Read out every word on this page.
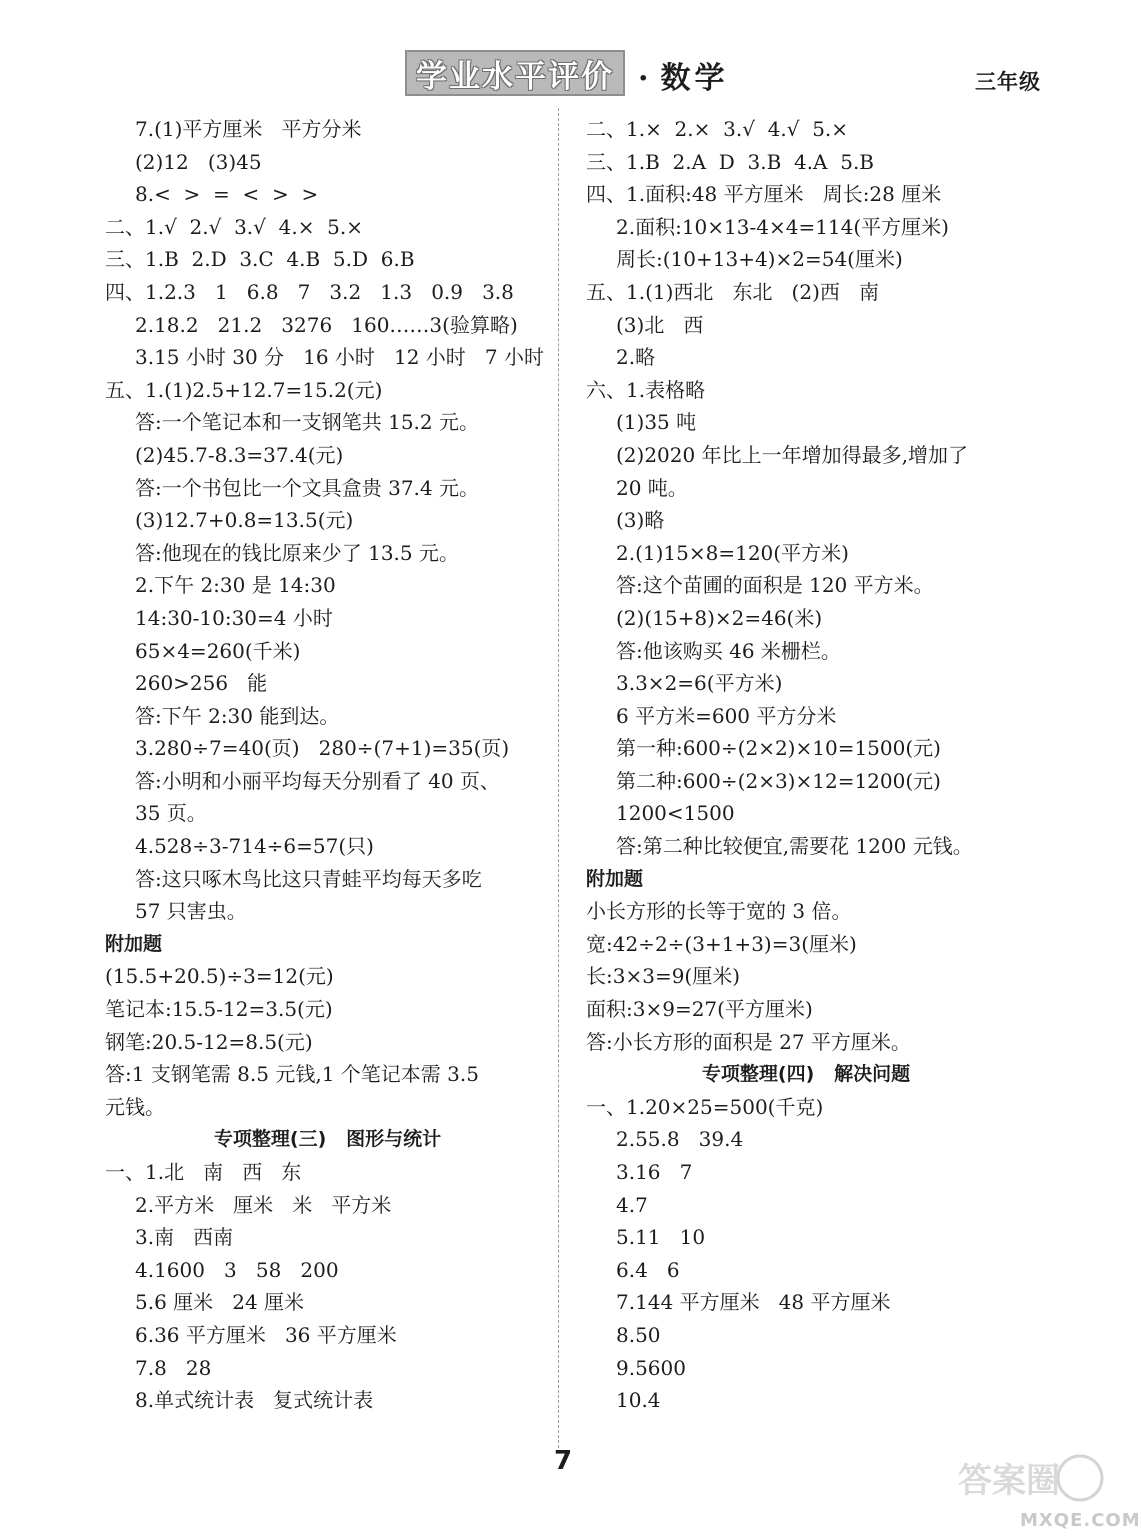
学业水平评价 · 数学	三年级
7.(1)平方厘米   平方分米
(2)12   (3)45
8.<  >  =  <  >  >
二、1.√  2.√  3.√  4.×  5.×
三、1.B  2.D  3.C  4.B  5.D  6.B
四、1.2.3   1   6.8   7   3.2   1.3   0.9   3.8
2.18.2   21.2   3276   160……3(验算略)
3.15 小时 30 分   16 小时   12 小时   7 小时
五、1.(1)2.5+12.7=15.2(元)
答:一个笔记本和一支钢笔共 15.2 元。
(2)45.7-8.3=37.4(元)
答:一个书包比一个文具盒贵 37.4 元。
(3)12.7+0.8=13.5(元)
答:他现在的钱比原来少了 13.5 元。
2.下午 2:30 是 14:30
14:30-10:30=4 小时
65×4=260(千米)
260>256   能
答:下午 2:30 能到达。
3.280÷7=40(页)   280÷(7+1)=35(页)
答:小明和小丽平均每天分别看了 40 页、
35 页。
4.528÷3-714÷6=57(只)
答:这只啄木鸟比这只青蛙平均每天多吃
57 只害虫。
附加题
(15.5+20.5)÷3=12(元)
笔记本:15.5-12=3.5(元)
钢笔:20.5-12=8.5(元)
答:1 支钢笔需 8.5 元钱,1 个笔记本需 3.5
元钱。
专项整理(三)   图形与统计
一、1.北   南   西   东
2.平方米   厘米   米   平方米
3.南   西南
4.1600   3   58   200
5.6 厘米   24 厘米
6.36 平方厘米   36 平方厘米
7.8   28
8.单式统计表   复式统计表
二、1.×  2.×  3.√  4.√  5.×
三、1.B  2.A  D  3.B  4.A  5.B
四、1.面积:48 平方厘米   周长:28 厘米
2.面积:10×13-4×4=114(平方厘米)
周长:(10+13+4)×2=54(厘米)
五、1.(1)西北   东北   (2)西   南
(3)北   西
2.略
六、1.表格略
(1)35 吨
(2)2020 年比上一年增加得最多,增加了
20 吨。
(3)略
2.(1)15×8=120(平方米)
答:这个苗圃的面积是 120 平方米。
(2)(15+8)×2=46(米)
答:他该购买 46 米栅栏。
3.3×2=6(平方米)
6 平方米=600 平方分米
第一种:600÷(2×2)×10=1500(元)
第二种:600÷(2×3)×12=1200(元)
1200<1500
答:第二种比较便宜,需要花 1200 元钱。
附加题
小长方形的长等于宽的 3 倍。
宽:42÷2÷(3+1+3)=3(厘米)
长:3×3=9(厘米)
面积:3×9=27(平方厘米)
答:小长方形的面积是 27 平方厘米。
专项整理(四)   解决问题
一、1.20×25=500(千克)
2.55.8   39.4
3.16   7
4.7
5.11   10
6.4   6
7.144 平方厘米   48 平方厘米
8.50
9.5600
10.4
7	答案圈
MXQE.COM
